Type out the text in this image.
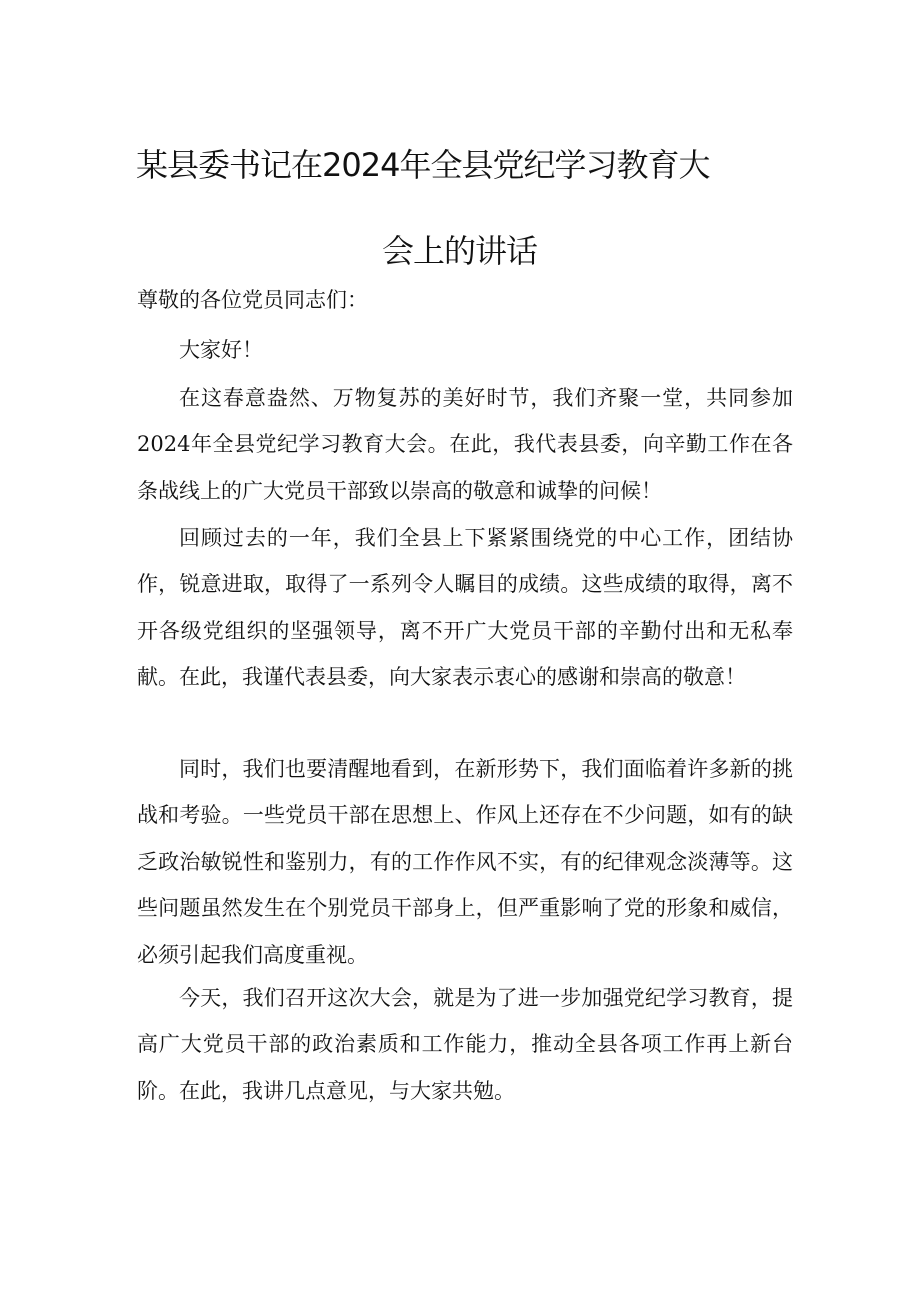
某县委书记在2024年全县党纪学习教育大
会上的讲话
尊敬的各位党员同志们：

大家好！

在这春意盎然、万物复苏的美好时节，我们齐聚一堂，共同参加2024年全县党纪学习教育大会。在此，我代表县委，向辛勤工作在各条战线上的广大党员干部致以崇高的敬意和诚挚的问候！

回顾过去的一年，我们全县上下紧紧围绕党的中心工作，团结协作，锐意进取，取得了一系列令人瞩目的成绩。这些成绩的取得，离不开各级党组织的坚强领导，离不开广大党员干部的辛勤付出和无私奉献。在此，我谨代表县委，向大家表示衷心的感谢和崇高的敬意！

同时，我们也要清醒地看到，在新形势下，我们面临着许多新的挑战和考验。一些党员干部在思想上、作风上还存在不少问题，如有的缺乏政治敏锐性和鉴别力，有的工作作风不实，有的纪律观念淡薄等。这些问题虽然发生在个别党员干部身上，但严重影响了党的形象和威信，必须引起我们高度重视。

今天，我们召开这次大会，就是为了进一步加强党纪学习教育，提高广大党员干部的政治素质和工作能力，推动全县各项工作再上新台阶。在此，我讲几点意见，与大家共勉。
